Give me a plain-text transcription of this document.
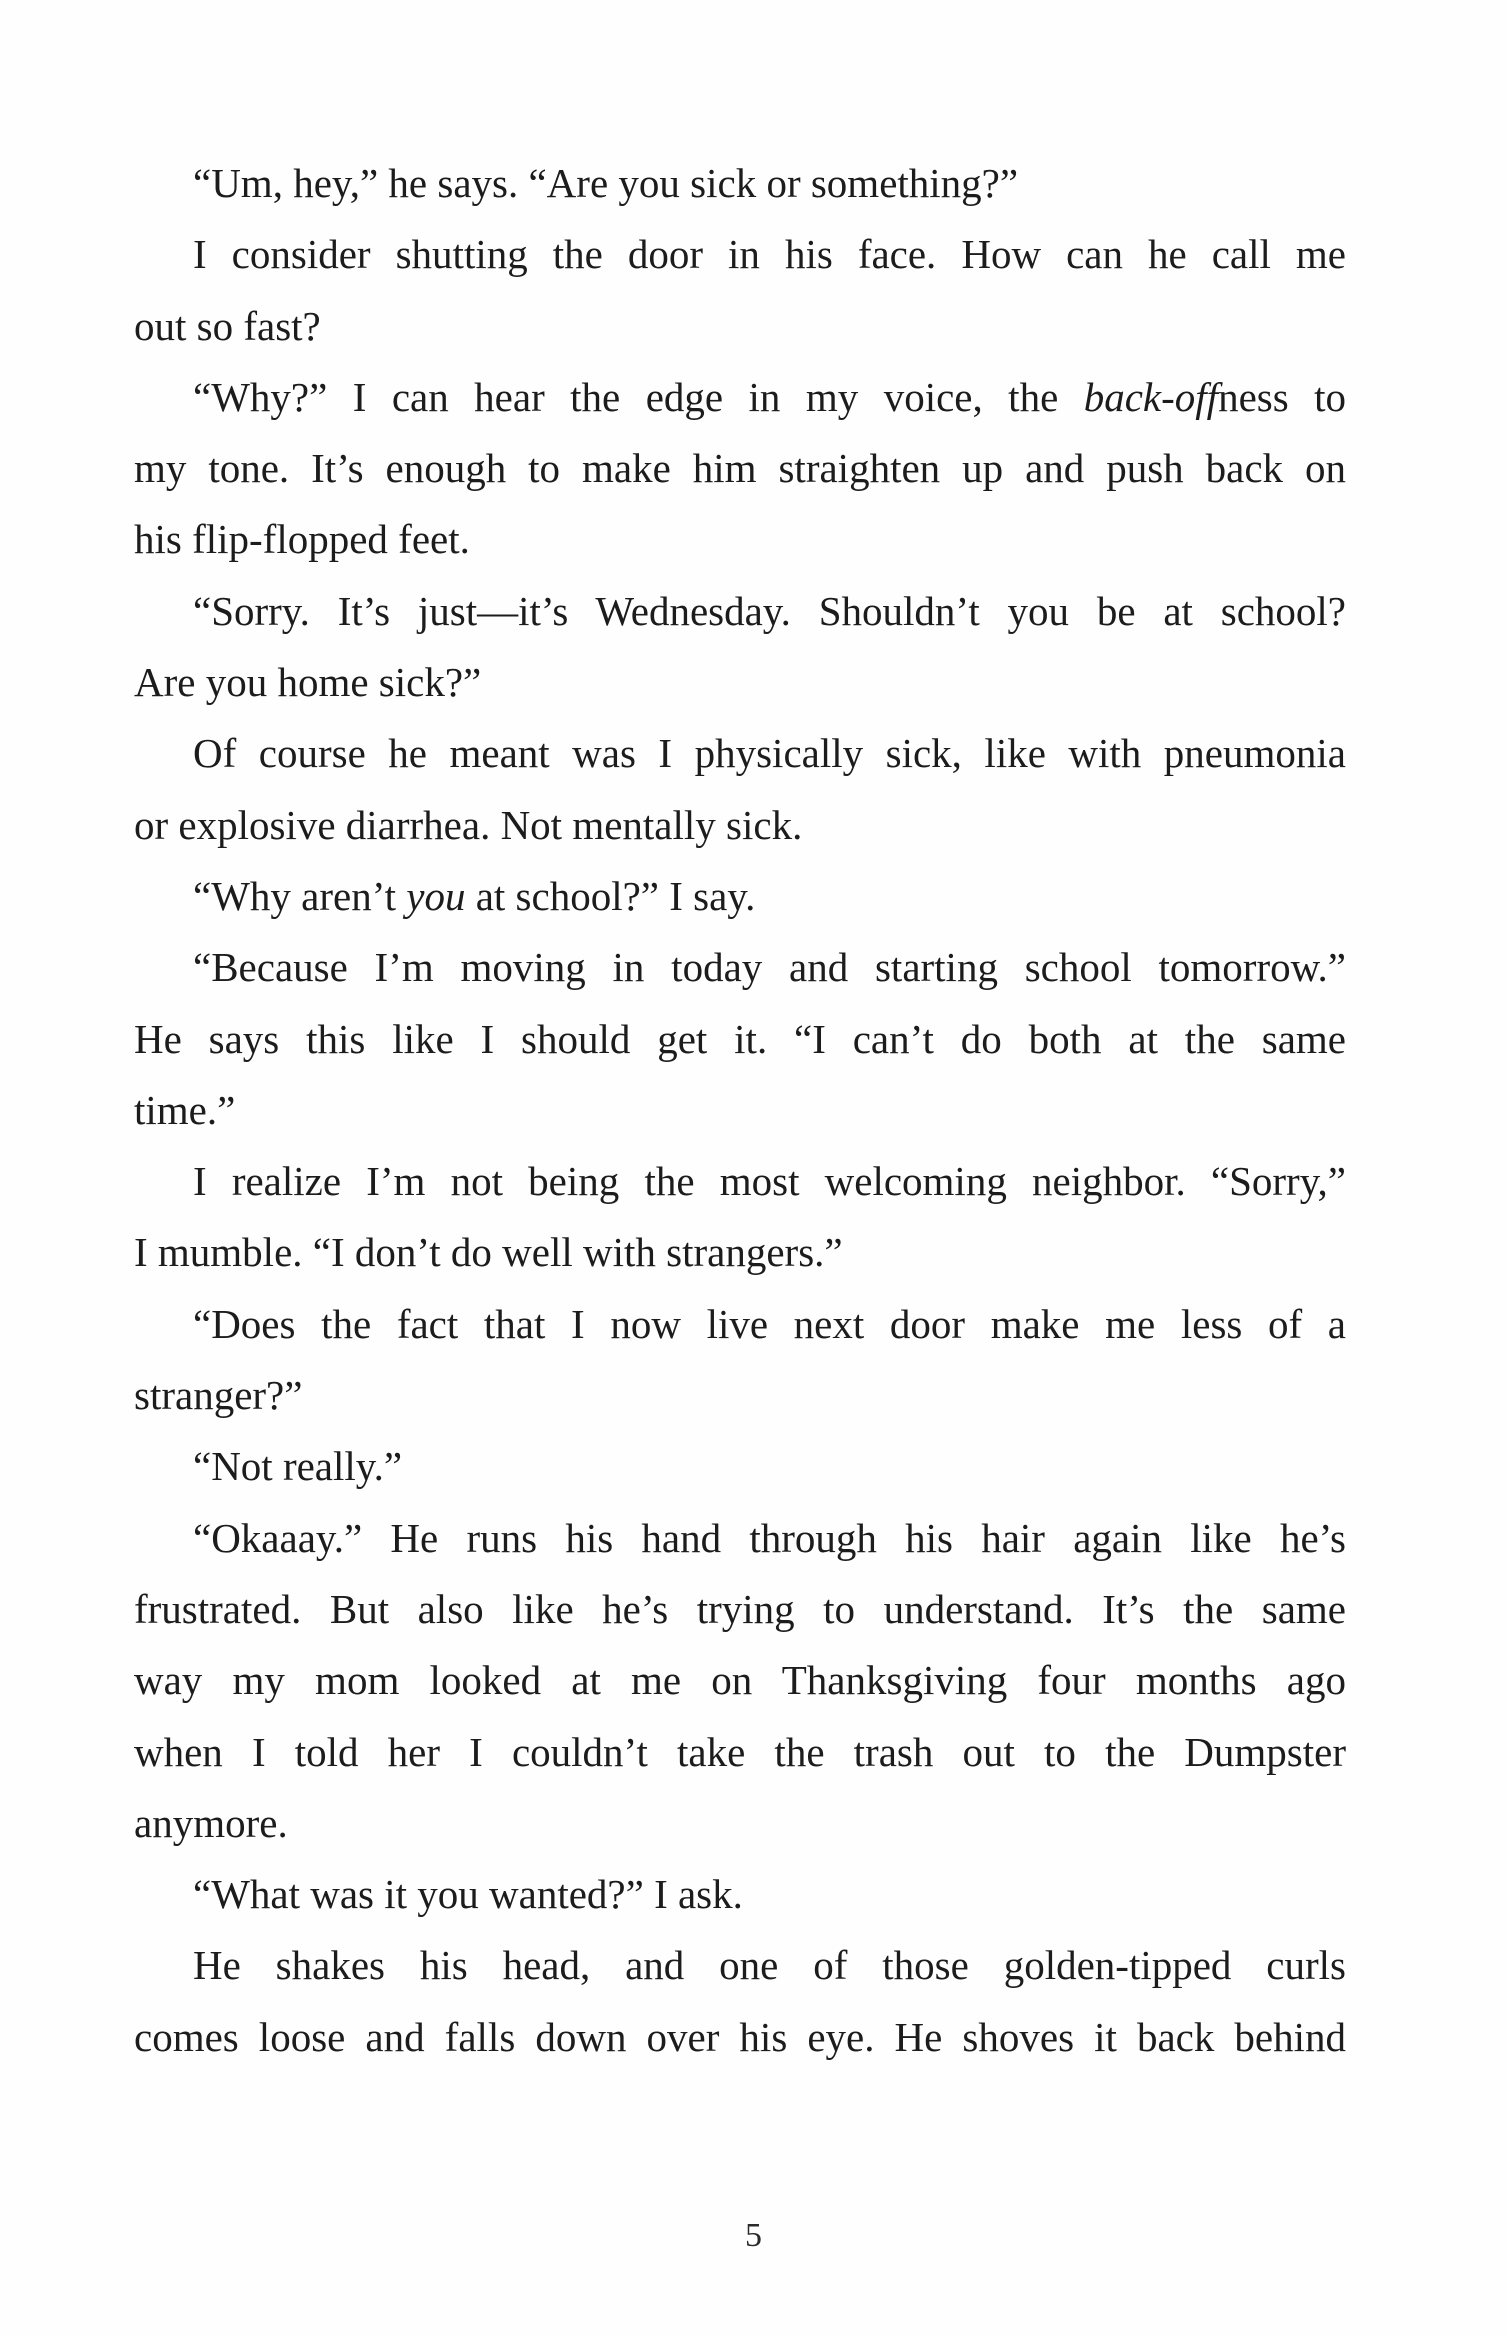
“Um, hey,” he says. “Are you sick or something?”
I consider shutting the door in his face. How can he call me
out so fast?
“Why?” I can hear the edge in my voice, the back-offness to
my tone. It’s enough to make him straighten up and push back on
his flip-flopped feet.
“Sorry. It’s just—it’s Wednesday. Shouldn’t you be at school?
Are you home sick?”
Of course he meant was I physically sick, like with pneumonia
or explosive diarrhea. Not mentally sick.
“Why aren’t you at school?” I say.
“Because I’m moving in today and starting school tomorrow.”
He says this like I should get it. “I can’t do both at the same
time.”
I realize I’m not being the most welcoming neighbor. “Sorry,”
I mumble. “I don’t do well with strangers.”
“Does the fact that I now live next door make me less of a
stranger?”
“Not really.”
“Okaaay.” He runs his hand through his hair again like he’s
frustrated. But also like he’s trying to understand. It’s the same
way my mom looked at me on Thanksgiving four months ago
when I told her I couldn’t take the trash out to the Dumpster
anymore.
“What was it you wanted?” I ask.
He shakes his head, and one of those golden-tipped curls
comes loose and falls down over his eye. He shoves it back behind
5
